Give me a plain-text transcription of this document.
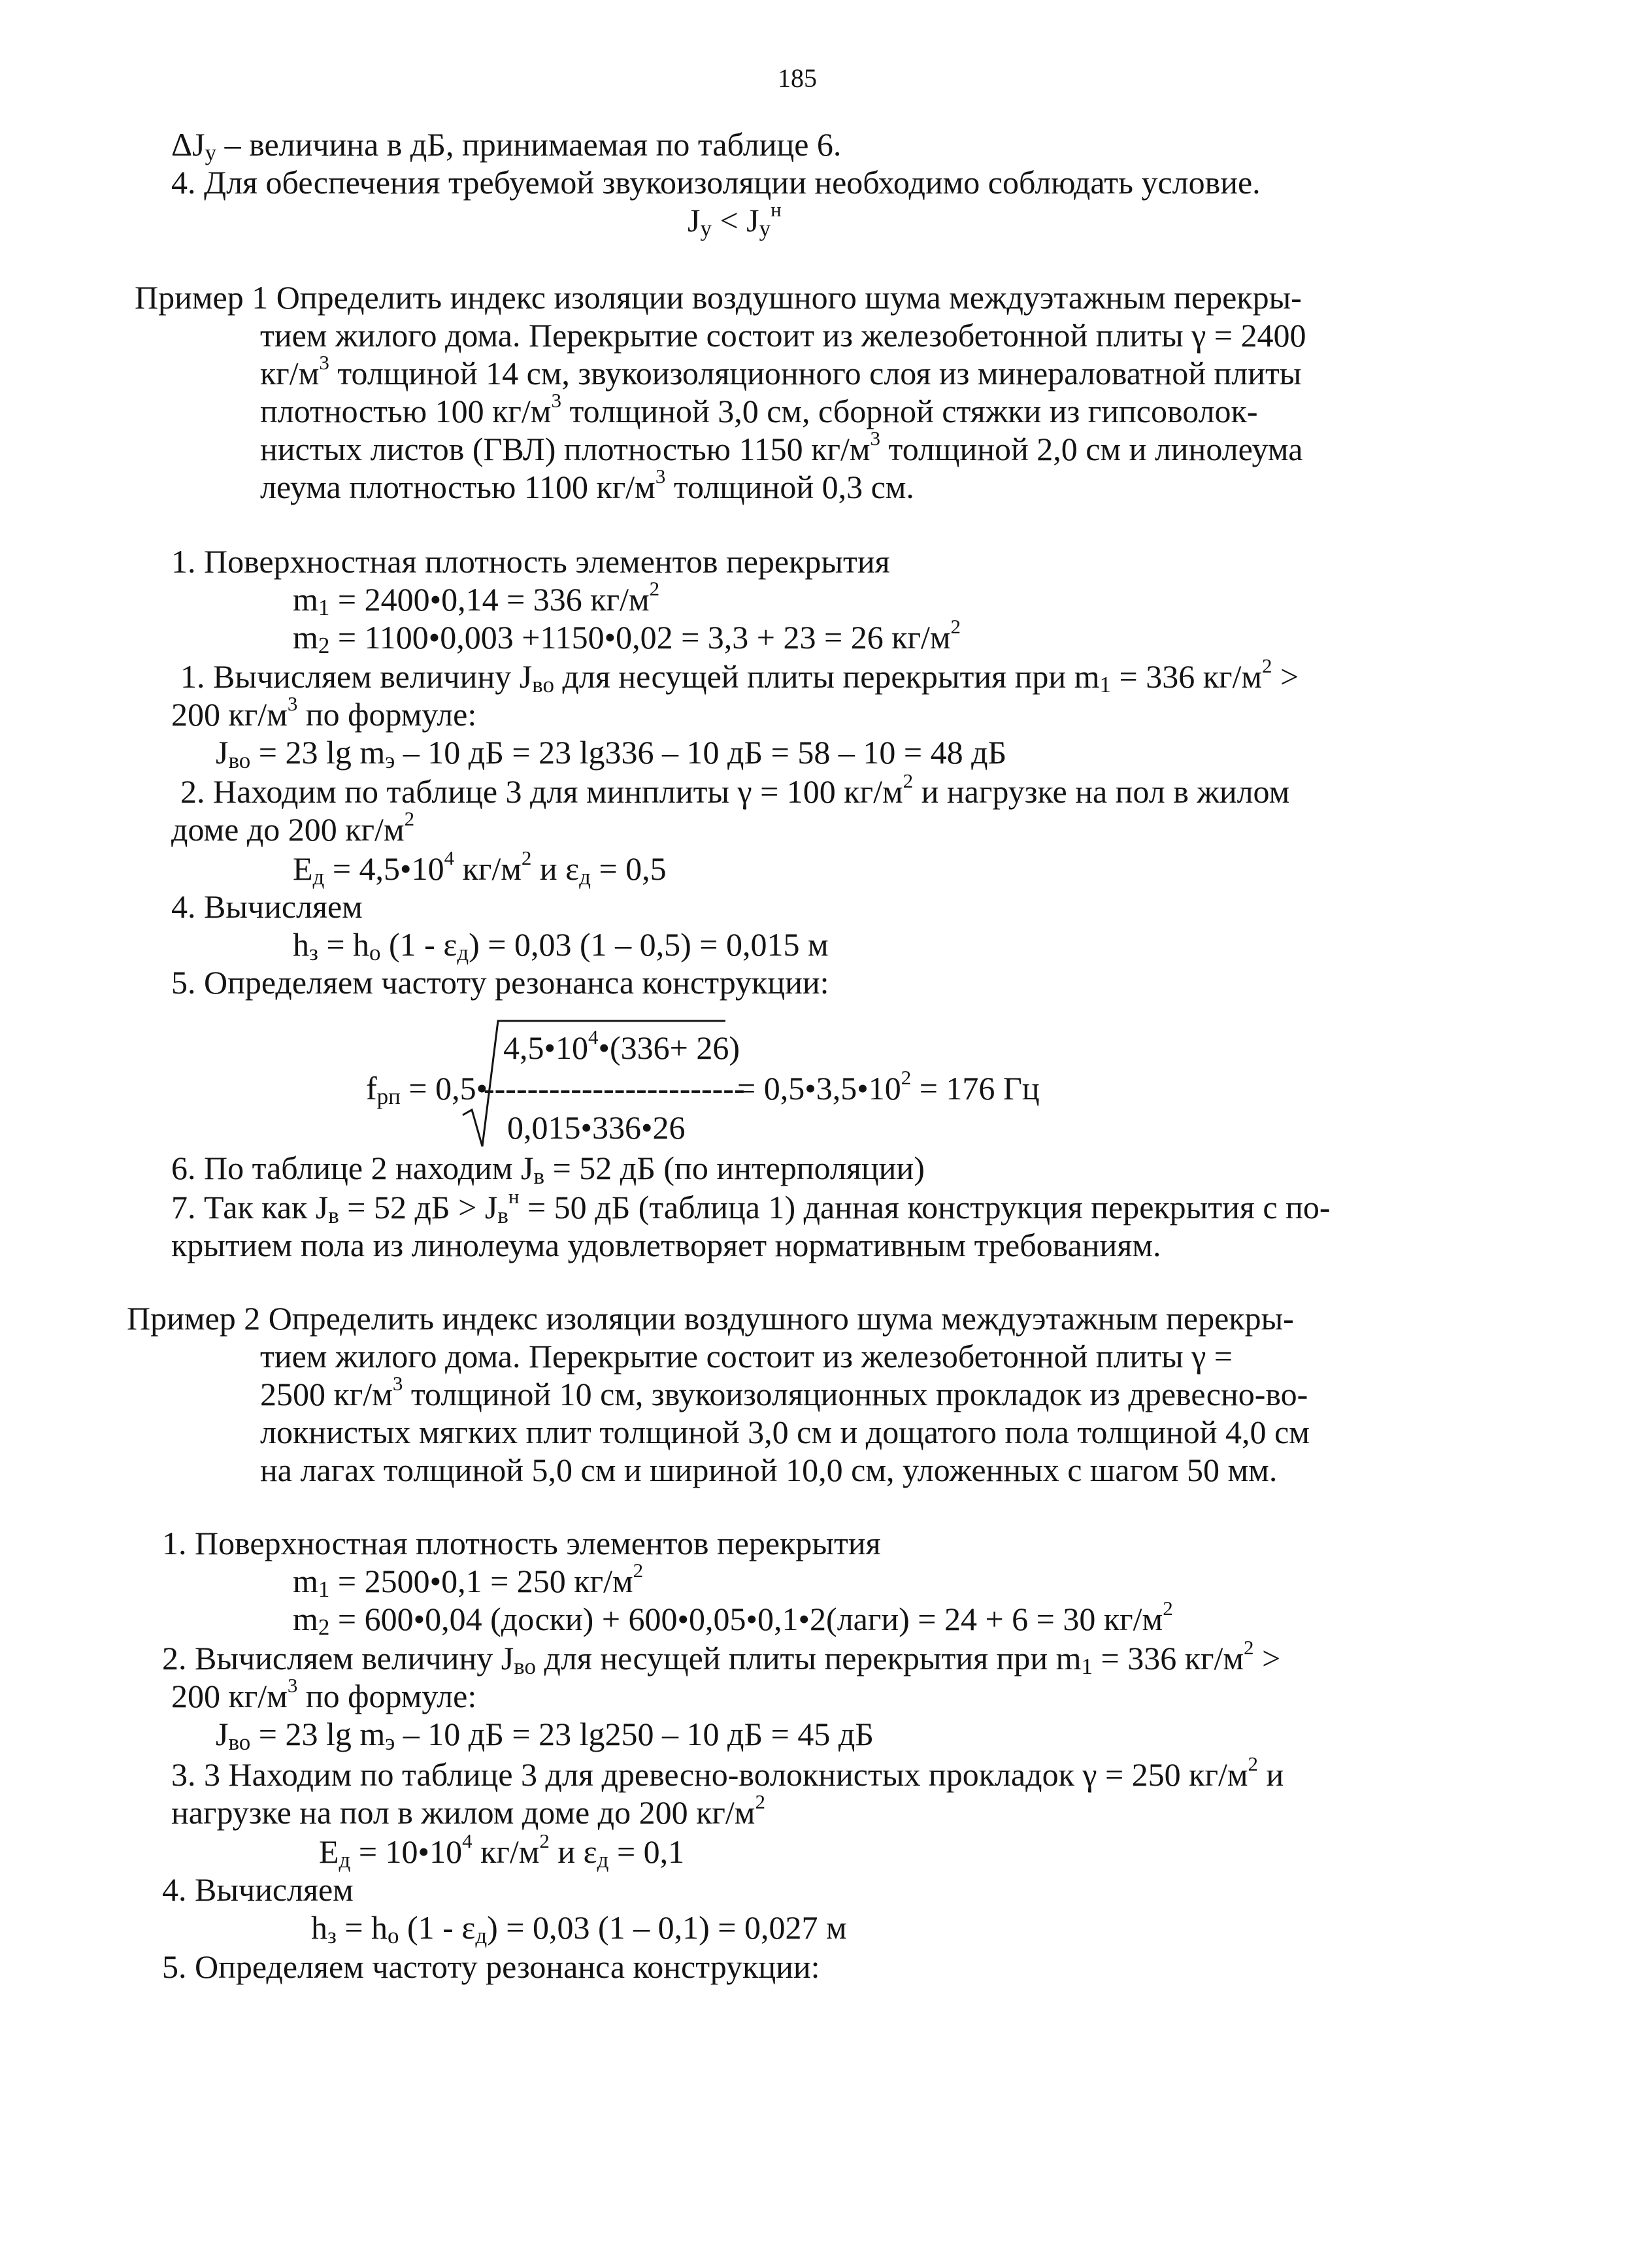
185
$\Delta J_у$ – величина в дБ, принимаемая по таблице 6.
4. Для обеспечения требуемой звукоизоляции необходимо соблюдать условие.
$J_у < J_у^н$
Пример 1 Определить индекс изоляции воздушного шума междуэтажным перекры-
тием жилого дома. Перекрытие состоит из железобетонной плиты γ = 2400
$кг/м^3$ толщиной 14 см, звукоизоляционного слоя из минераловатной плиты
плотностью 100 $кг/м^3$ толщиной 3,0 см, сборной стяжки из гипсоволок-
нистых листов (ГВЛ) плотностью 1150 $кг/м^3$ толщиной 2,0 см и линолеума
леума плотностью 1100 $кг/м^3$ толщиной 0,3 см.
1. Поверхностная плотность элементов перекрытия
$m_1$ = 2400•0,14 = 336 $кг/м^2$
$m_2$ = 1100•0,003 +1150•0,02 = 3,3 + 23 = 26 $кг/м^2$
1. Вычисляем величину $J_{во}$ для несущей плиты перекрытия при $m_1 = 336$ $кг/м^2$ >
200 $кг/м^3$ по формуле:
$J_{во} = 23$ $\lg m_э - 10$ дБ = 23 lg336 – 10 дБ = 58 – 10 = 48 дБ
2. Находим по таблице 3 для минплиты γ = 100 $кг/м^2$ и нагрузке на пол в жилом
доме до 200 $кг/м^2$
$Е_д$ = $4,5•10^4$ $кг/м^2$ и $\varepsilon_д = 0,5$
4. Вычисляем
$h_з = h_о$ $(1 - \varepsilon_д) = 0,03$ (1 – 0,5) = 0,015 м
5. Определяем частоту резонанса конструкции:
$4,5•10^4•(336+ 26)$
$f_{рп}$ = 0,5•
------------------------
= $0,5•3,5•10^2 = 176$ Гц
0,015•336•26
6. По таблице 2 находим $J_в = 52$ дБ (по интерполяции)
7. Так как $J_в = 52$ дБ > $J_в^н = 50$ дБ (таблица 1) данная конструкция перекрытия с по-
крытием пола из линолеума удовлетворяет нормативным требованиям.
Пример 2 Определить индекс изоляции воздушного шума междуэтажным перекры-
тием жилого дома. Перекрытие состоит из железобетонной плиты γ =
2500 $кг/м^3$ толщиной 10 см, звукоизоляционных прокладок из древесно-во-
локнистых мягких плит толщиной 3,0 см и дощатого пола толщиной 4,0 см
на лагах толщиной 5,0 см и шириной 10,0 см, уложенных с шагом 50 мм.
1. Поверхностная плотность элементов перекрытия
$m_1$ = 2500•0,1 = 250 $кг/м^2$
$m_2$ = 600•0,04 (доски) + 600•0,05•0,1•2(лаги) = 24 + 6 = 30 $кг/м^2$
2. Вычисляем величину $J_{во}$ для несущей плиты перекрытия при $m_1 = 336$ $кг/м^2$ >
200 $кг/м^3$ по формуле:
$J_{во} = 23$ $\lg m_э - 10$ дБ = 23 lg250 – 10 дБ = 45 дБ
3. 3 Находим по таблице 3 для древесно-волокнистых прокладок γ = 250 $кг/м^2$ и
нагрузке на пол в жилом доме до 200 $кг/м^2$
$Е_д$ = $10•10^4$ $кг/м^2$ и $\varepsilon_д = 0,1$
4. Вычисляем
$h_з = h_о$ $(1 - \varepsilon_д) = 0,03$ (1 – 0,1) = 0,027 м
5. Определяем частоту резонанса конструкции:
